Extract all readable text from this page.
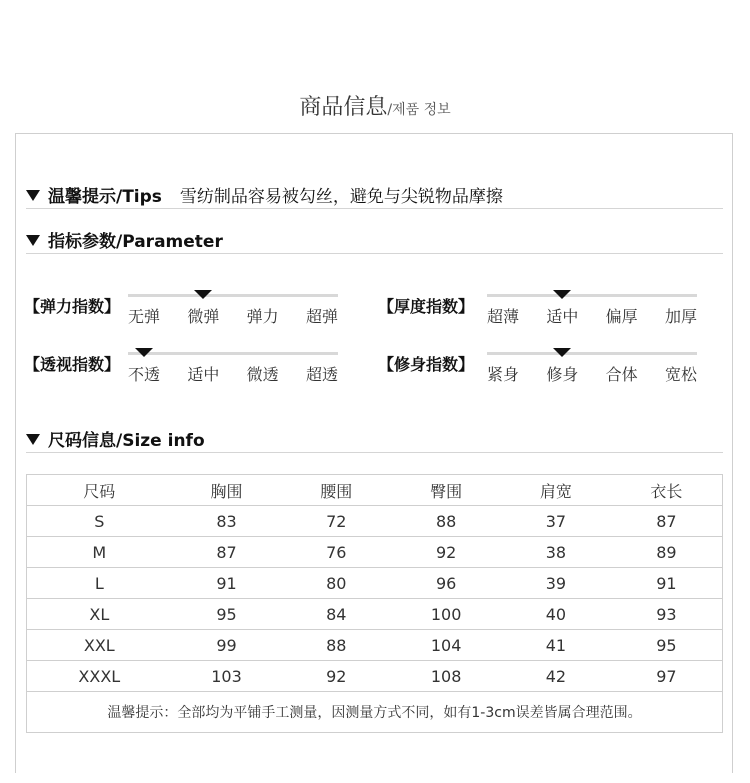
商品信息/제품 정보
温馨提示/Tips 雪纺制品容易被勾丝，避免与尖锐物品摩擦
指标参数/Parameter
【弹力指数】
无弹 微弹 弹力 超弹
【厚度指数】
超薄 适中 偏厚 加厚
【透视指数】
不透 适中 微透 超透
【修身指数】
紧身 修身 合体 宽松
尺码信息/Size info
尺码	胸围	腰围	臀围	肩宽	衣长
S	83	72	88	37	87
M	87	76	92	38	89
L	91	80	96	39	91
XL	95	84	100	40	93
XXL	99	88	104	41	95
XXXL	103	92	108	42	97
温馨提示：全部均为平铺手工测量，因测量方式不同，如有1-3cm误差皆属合理范围。					
